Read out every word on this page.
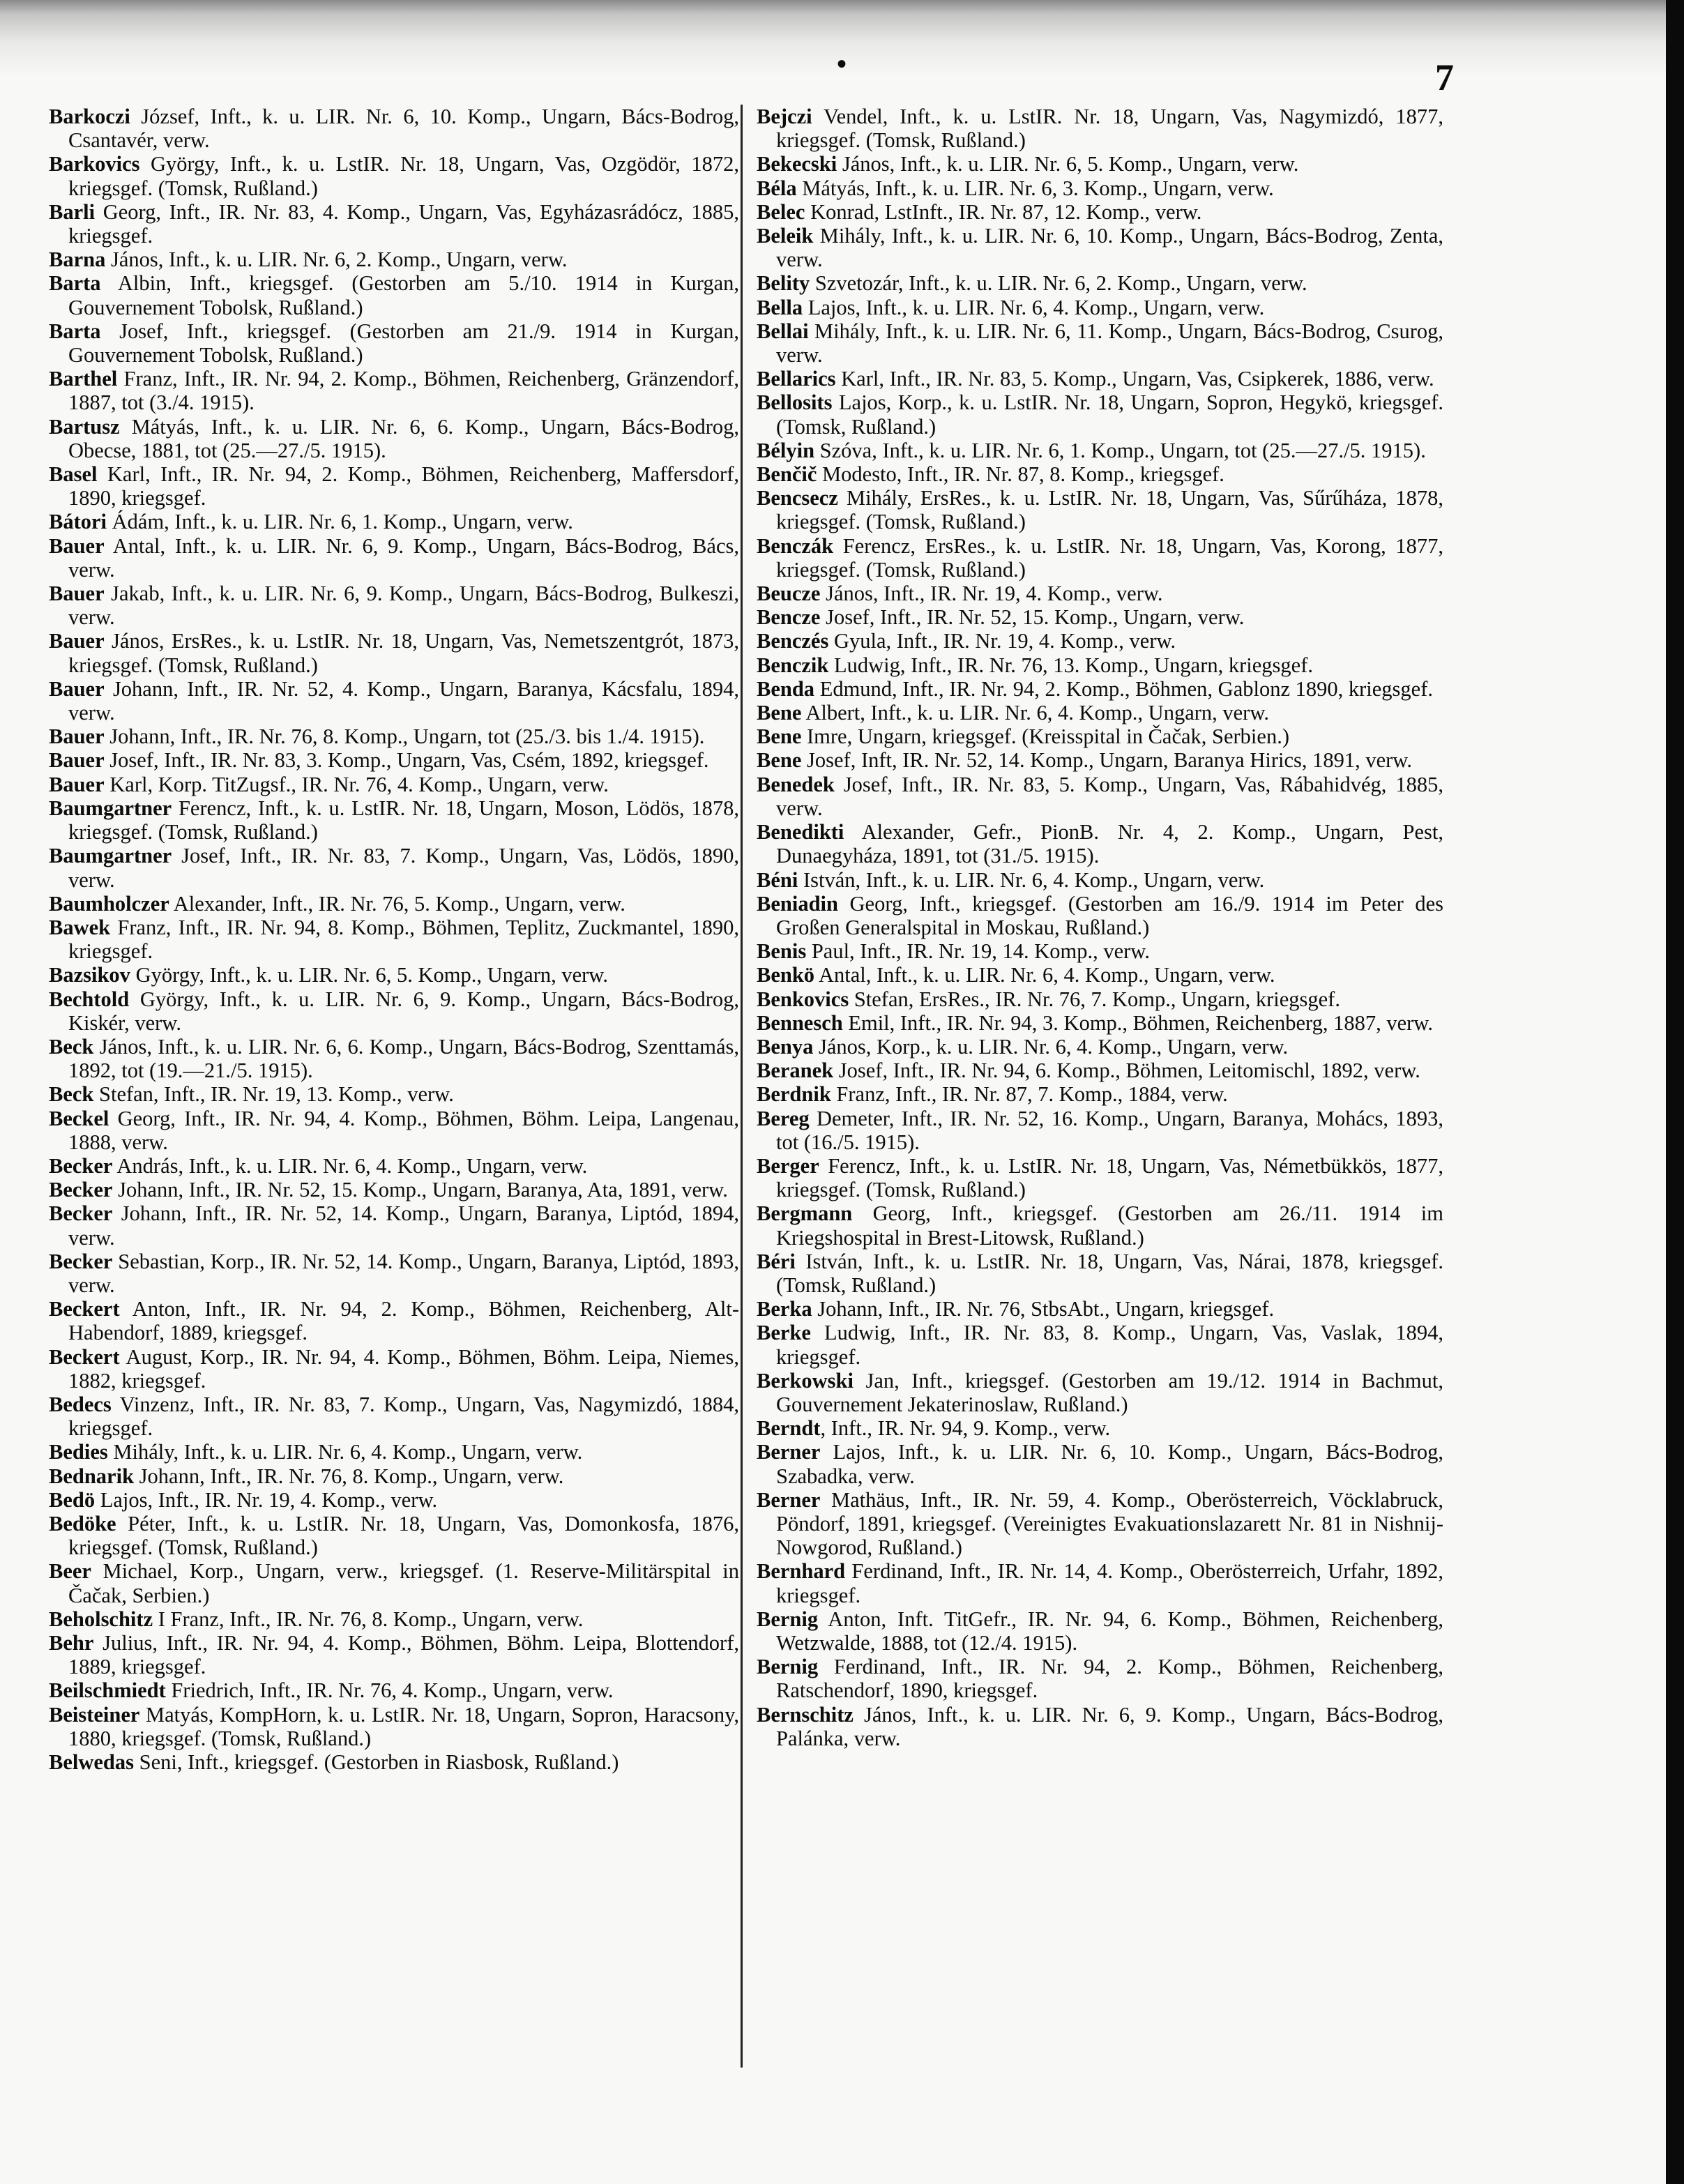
•	7

Barkoczi József, Inft., k. u. LIR. Nr. 6, 10. Komp., Ungarn, Bács-Bodrog, Csantavér, verw.

Barkovics György, Inft., k. u. LstIR. Nr. 18, Ungarn, Vas, Ozgödör, 1872, kriegsgef. (Tomsk, Rußland.)

Barli Georg, Inft., IR. Nr. 83, 4. Komp., Ungarn, Vas, Egyházasrádócz, 1885, kriegsgef.

Barna János, Inft., k. u. LIR. Nr. 6, 2. Komp., Ungarn, verw.

Barta Albin, Inft., kriegsgef. (Gestorben am 5./10. 1914 in Kurgan, Gouvernement Tobolsk, Rußland.)

Barta Josef, Inft., kriegsgef. (Gestorben am 21./9. 1914 in Kurgan, Gouvernement Tobolsk, Rußland.)

Barthel Franz, Inft., IR. Nr. 94, 2. Komp., Böhmen, Reichenberg, Gränzendorf, 1887, tot (3./4. 1915).

Bartusz Mátyás, Inft., k. u. LIR. Nr. 6, 6. Komp., Ungarn, Bács-Bodrog, Obecse, 1881, tot (25.—27./5. 1915).

Basel Karl, Inft., IR. Nr. 94, 2. Komp., Böhmen, Reichenberg, Maffersdorf, 1890, kriegsgef.

Bátori Ádám, Inft., k. u. LIR. Nr. 6, 1. Komp., Ungarn, verw.

Bauer Antal, Inft., k. u. LIR. Nr. 6, 9. Komp., Ungarn, Bács-Bodrog, Bács, verw.

Bauer Jakab, Inft., k. u. LIR. Nr. 6, 9. Komp., Ungarn, Bács-Bodrog, Bulkeszi, verw.

Bauer János, ErsRes., k. u. LstIR. Nr. 18, Ungarn, Vas, Nemetszentgrót, 1873, kriegsgef. (Tomsk, Rußland.)

Bauer Johann, Inft., IR. Nr. 52, 4. Komp., Ungarn, Baranya, Kácsfalu, 1894, verw.

Bauer Johann, Inft., IR. Nr. 76, 8. Komp., Ungarn, tot (25./3. bis 1./4. 1915).

Bauer Josef, Inft., IR. Nr. 83, 3. Komp., Ungarn, Vas, Csém, 1892, kriegsgef.

Bauer Karl, Korp. TitZugsf., IR. Nr. 76, 4. Komp., Ungarn, verw.

Baumgartner Ferencz, Inft., k. u. LstIR. Nr. 18, Ungarn, Moson, Lödös, 1878, kriegsgef. (Tomsk, Rußland.)

Baumgartner Josef, Inft., IR. Nr. 83, 7. Komp., Ungarn, Vas, Lödös, 1890, verw.

Baumholczer Alexander, Inft., IR. Nr. 76, 5. Komp., Ungarn, verw.

Bawek Franz, Inft., IR. Nr. 94, 8. Komp., Böhmen, Teplitz, Zuckmantel, 1890, kriegsgef.

Bazsikov György, Inft., k. u. LIR. Nr. 6, 5. Komp., Ungarn, verw.

Bechtold György, Inft., k. u. LIR. Nr. 6, 9. Komp., Ungarn, Bács-Bodrog, Kiskér, verw.

Beck János, Inft., k. u. LIR. Nr. 6, 6. Komp., Ungarn, Bács-Bodrog, Szenttamás, 1892, tot (19.—21./5. 1915).

Beck Stefan, Inft., IR. Nr. 19, 13. Komp., verw.

Beckel Georg, Inft., IR. Nr. 94, 4. Komp., Böhmen, Böhm. Leipa, Langenau, 1888, verw.

Becker András, Inft., k. u. LIR. Nr. 6, 4. Komp., Ungarn, verw.

Becker Johann, Inft., IR. Nr. 52, 15. Komp., Ungarn, Baranya, Ata, 1891, verw.

Becker Johann, Inft., IR. Nr. 52, 14. Komp., Ungarn, Baranya, Liptód, 1894, verw.

Becker Sebastian, Korp., IR. Nr. 52, 14. Komp., Ungarn, Baranya, Liptód, 1893, verw.

Beckert Anton, Inft., IR. Nr. 94, 2. Komp., Böhmen, Reichenberg, Alt-Habendorf, 1889, kriegsgef.

Beckert August, Korp., IR. Nr. 94, 4. Komp., Böhmen, Böhm. Leipa, Niemes, 1882, kriegsgef.

Bedecs Vinzenz, Inft., IR. Nr. 83, 7. Komp., Ungarn, Vas, Nagymizdó, 1884, kriegsgef.

Bedies Mihály, Inft., k. u. LIR. Nr. 6, 4. Komp., Ungarn, verw.

Bednarik Johann, Inft., IR. Nr. 76, 8. Komp., Ungarn, verw.

Bedö Lajos, Inft., IR. Nr. 19, 4. Komp., verw.

Bedöke Péter, Inft., k. u. LstIR. Nr. 18, Ungarn, Vas, Domonkosfa, 1876, kriegsgef. (Tomsk, Rußland.)

Beer Michael, Korp., Ungarn, verw., kriegsgef. (1. Reserve-Militärspital in Čačak, Serbien.)

Beholschitz I Franz, Inft., IR. Nr. 76, 8. Komp., Ungarn, verw.

Behr Julius, Inft., IR. Nr. 94, 4. Komp., Böhmen, Böhm. Leipa, Blottendorf, 1889, kriegsgef.

Beilschmiedt Friedrich, Inft., IR. Nr. 76, 4. Komp., Ungarn, verw.

Beisteiner Matyás, KompHorn, k. u. LstIR. Nr. 18, Ungarn, Sopron, Haracsony, 1880, kriegsgef. (Tomsk, Rußland.)

Belwedas Seni, Inft., kriegsgef. (Gestorben in Riasbosk, Rußland.)

Bejczi Vendel, Inft., k. u. LstIR. Nr. 18, Ungarn, Vas, Nagymizdó, 1877, kriegsgef. (Tomsk, Rußland.)

Bekecski János, Inft., k. u. LIR. Nr. 6, 5. Komp., Ungarn, verw.

Béla Mátyás, Inft., k. u. LIR. Nr. 6, 3. Komp., Ungarn, verw.

Belec Konrad, LstInft., IR. Nr. 87, 12. Komp., verw.

Beleik Mihály, Inft., k. u. LIR. Nr. 6, 10. Komp., Ungarn, Bács-Bodrog, Zenta, verw.

Belity Szvetozár, Inft., k. u. LIR. Nr. 6, 2. Komp., Ungarn, verw.

Bella Lajos, Inft., k. u. LIR. Nr. 6, 4. Komp., Ungarn, verw.

Bellai Mihály, Inft., k. u. LIR. Nr. 6, 11. Komp., Ungarn, Bács-Bodrog, Csurog, verw.

Bellarics Karl, Inft., IR. Nr. 83, 5. Komp., Ungarn, Vas, Csipkerek, 1886, verw.

Bellosits Lajos, Korp., k. u. LstIR. Nr. 18, Ungarn, Sopron, Hegykö, kriegsgef. (Tomsk, Rußland.)

Bélyin Szóva, Inft., k. u. LIR. Nr. 6, 1. Komp., Ungarn, tot (25.—27./5. 1915).

Benčič Modesto, Inft., IR. Nr. 87, 8. Komp., kriegsgef.

Bencsecz Mihály, ErsRes., k. u. LstIR. Nr. 18, Ungarn, Vas, Sűrűháza, 1878, kriegsgef. (Tomsk, Rußland.)

Benczák Ferencz, ErsRes., k. u. LstIR. Nr. 18, Ungarn, Vas, Korong, 1877, kriegsgef. (Tomsk, Rußland.)

Beucze János, Inft., IR. Nr. 19, 4. Komp., verw.

Bencze Josef, Inft., IR. Nr. 52, 15. Komp., Ungarn, verw.

Benczés Gyula, Inft., IR. Nr. 19, 4. Komp., verw.

Benczik Ludwig, Inft., IR. Nr. 76, 13. Komp., Ungarn, kriegsgef.

Benda Edmund, Inft., IR. Nr. 94, 2. Komp., Böhmen, Gablonz 1890, kriegsgef.

Bene Albert, Inft., k. u. LIR. Nr. 6, 4. Komp., Ungarn, verw.

Bene Imre, Ungarn, kriegsgef. (Kreisspital in Čačak, Serbien.)

Bene Josef, Inft, IR. Nr. 52, 14. Komp., Ungarn, Baranya Hirics, 1891, verw.

Benedek Josef, Inft., IR. Nr. 83, 5. Komp., Ungarn, Vas, Rábahidvég, 1885, verw.

Benedikti Alexander, Gefr., PionB. Nr. 4, 2. Komp., Ungarn, Pest, Dunaegyháza, 1891, tot (31./5. 1915).

Béni István, Inft., k. u. LIR. Nr. 6, 4. Komp., Ungarn, verw.

Beniadin Georg, Inft., kriegsgef. (Gestorben am 16./9. 1914 im Peter des Großen Generalspital in Moskau, Rußland.)

Benis Paul, Inft., IR. Nr. 19, 14. Komp., verw.

Benkö Antal, Inft., k. u. LIR. Nr. 6, 4. Komp., Ungarn, verw.

Benkovics Stefan, ErsRes., IR. Nr. 76, 7. Komp., Ungarn, kriegsgef.

Bennesch Emil, Inft., IR. Nr. 94, 3. Komp., Böhmen, Reichenberg, 1887, verw.

Benya János, Korp., k. u. LIR. Nr. 6, 4. Komp., Ungarn, verw.

Beranek Josef, Inft., IR. Nr. 94, 6. Komp., Böhmen, Leitomischl, 1892, verw.

Berdnik Franz, Inft., IR. Nr. 87, 7. Komp., 1884, verw.

Bereg Demeter, Inft., IR. Nr. 52, 16. Komp., Ungarn, Baranya, Mohács, 1893, tot (16./5. 1915).

Berger Ferencz, Inft., k. u. LstIR. Nr. 18, Ungarn, Vas, Németbükkös, 1877, kriegsgef. (Tomsk, Rußland.)

Bergmann Georg, Inft., kriegsgef. (Gestorben am 26./11. 1914 im Kriegshospital in Brest-Litowsk, Rußland.)

Béri István, Inft., k. u. LstIR. Nr. 18, Ungarn, Vas, Nárai, 1878, kriegsgef. (Tomsk, Rußland.)

Berka Johann, Inft., IR. Nr. 76, StbsAbt., Ungarn, kriegsgef.

Berke Ludwig, Inft., IR. Nr. 83, 8. Komp., Ungarn, Vas, Vaslak, 1894, kriegsgef.

Berkowski Jan, Inft., kriegsgef. (Gestorben am 19./12. 1914 in Bachmut, Gouvernement Jekaterinoslaw, Rußland.)

Berndt, Inft., IR. Nr. 94, 9. Komp., verw.

Berner Lajos, Inft., k. u. LIR. Nr. 6, 10. Komp., Ungarn, Bács-Bodrog, Szabadka, verw.

Berner Mathäus, Inft., IR. Nr. 59, 4. Komp., Oberösterreich, Vöcklabruck, Pöndorf, 1891, kriegsgef. (Vereinigtes Evakuationslazarett Nr. 81 in Nishnij-Nowgorod, Rußland.)

Bernhard Ferdinand, Inft., IR. Nr. 14, 4. Komp., Oberösterreich, Urfahr, 1892, kriegsgef.

Bernig Anton, Inft. TitGefr., IR. Nr. 94, 6. Komp., Böhmen, Reichenberg, Wetzwalde, 1888, tot (12./4. 1915).

Bernig Ferdinand, Inft., IR. Nr. 94, 2. Komp., Böhmen, Reichenberg, Ratschendorf, 1890, kriegsgef.

Bernschitz János, Inft., k. u. LIR. Nr. 6, 9. Komp., Ungarn, Bács-Bodrog, Palánka, verw.
